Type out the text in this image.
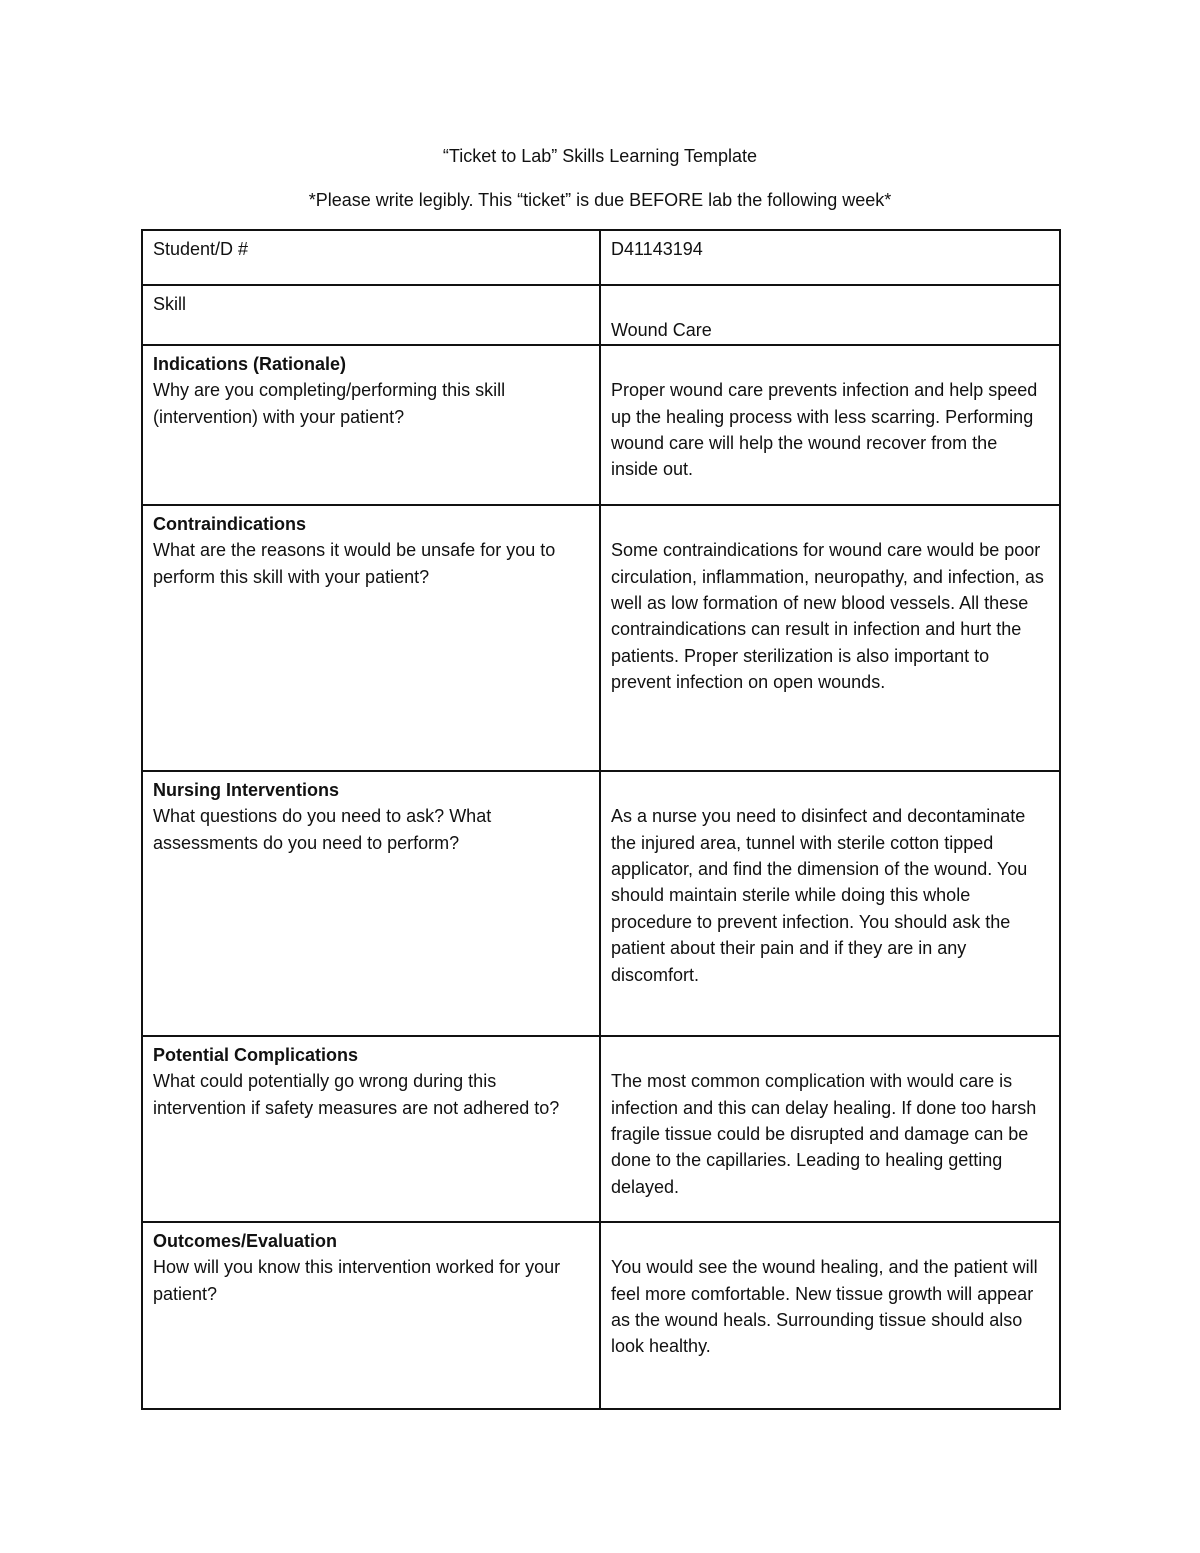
“Ticket to Lab” Skills Learning Template
*Please write legibly. This “ticket” is due BEFORE lab the following week*
Student/D #	D41143194
Skill	Wound Care

Indications (Rationale)
Why are you completing/performing this skill (intervention) with your patient?	Proper wound care prevents infection and help speed up the healing process with less scarring. Performing wound care will help the wound recover from the inside out.

Contraindications
What are the reasons it would be unsafe for you to perform this skill with your patient?	Some contraindications for wound care would be poor circulation, inflammation, neuropathy, and infection, as well as low formation of new blood vessels. All these contraindications can result in infection and hurt the patients. Proper sterilization is also important to prevent infection on open wounds.

Nursing Interventions
What questions do you need to ask? What assessments do you need to perform?	As a nurse you need to disinfect and decontaminate the injured area, tunnel with sterile cotton tipped applicator, and find the dimension of the wound. You should maintain sterile while doing this whole procedure to prevent infection. You should ask the patient about their pain and if they are in any discomfort.

Potential Complications
What could potentially go wrong during this intervention if safety measures are not adhered to?	The most common complication with would care is infection and this can delay healing. If done too harsh fragile tissue could be disrupted and damage can be done to the capillaries. Leading to healing getting delayed.

Outcomes/Evaluation
How will you know this intervention worked for your patient?	You would see the wound healing, and the patient will feel more comfortable. New tissue growth will appear as the wound heals. Surrounding tissue should also look healthy.
